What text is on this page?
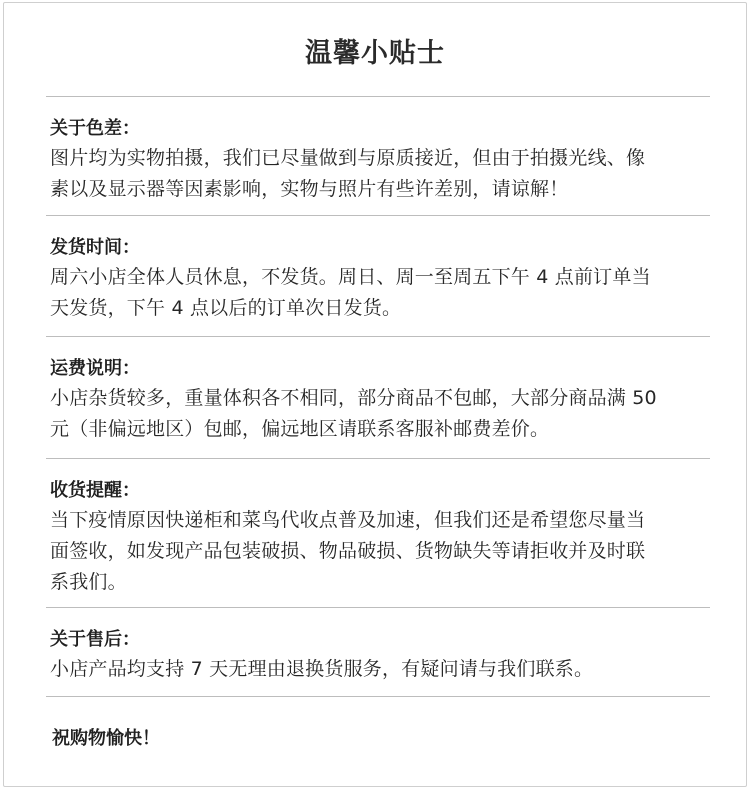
温馨小贴士
关于色差：
图片均为实物拍摄，我们已尽量做到与原质接近，但由于拍摄光线、像
素以及显示器等因素影响，实物与照片有些许差别，请谅解！
发货时间：
周六小店全体人员休息，不发货。周日、周一至周五下午 4 点前订单当
天发货，下午 4 点以后的订单次日发货。
运费说明：
小店杂货较多，重量体积各不相同，部分商品不包邮，大部分商品满 50
元（非偏远地区）包邮，偏远地区请联系客服补邮费差价。
收货提醒：
当下疫情原因快递柜和菜鸟代收点普及加速，但我们还是希望您尽量当
面签收，如发现产品包装破损、物品破损、货物缺失等请拒收并及时联
系我们。
关于售后：
小店产品均支持 7 天无理由退换货服务，有疑问请与我们联系。
祝购物愉快！
